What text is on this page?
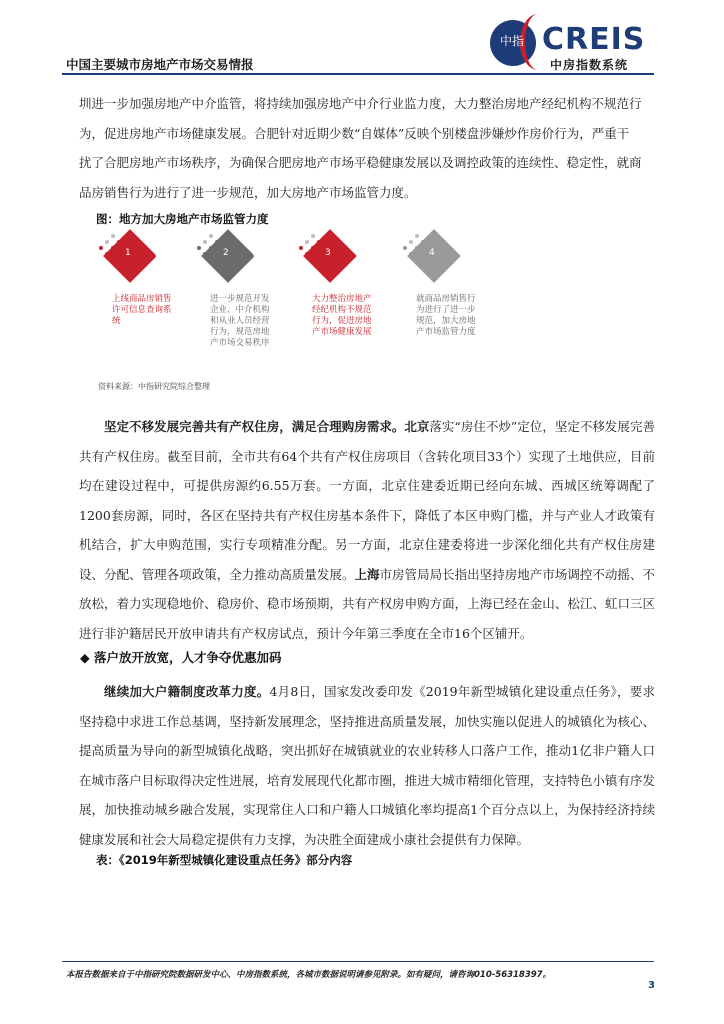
中国主要城市房地产市场交易情报
中指 CREIS
中房指数系统
圳进一步加强房地产中介监管，将持续加强房地产中介行业监力度，大力整治房地产经纪机构不规范行
为，促进房地产市场健康发展。合肥针对近期少数“自媒体”反映个别楼盘涉嫌炒作房价行为，严重干
扰了合肥房地产市场秩序，为确保合肥房地产市场平稳健康发展以及调控政策的连续性、稳定性，就商
品房销售行为进行了进一步规范，加大房地产市场监管力度。
图：地方加大房地产市场监管力度
1	海南
上线商品房销售许可信息查询系统
2	深圳
进一步规范开发企业、中介机构和从业人员经营行为，规范房地产市场交易秩序
3	杭州
大力整治房地产经纪机构不规范行为，促进房地产市场健康发展
4	合肥
就商品房销售行为进行了进一步规范，加大房地产市场监管力度
资料来源：中指研究院综合整理
坚定不移发展完善共有产权住房，满足合理购房需求。北京落实“房住不炒”定位，坚定不移发展完善共有产权住房。截至目前，全市共有64个共有产权住房项目（含转化项目33个）实现了土地供应，目前均在建设过程中，可提供房源约6.55万套。一方面，北京住建委近期已经向东城、西城区统筹调配了1200套房源，同时，各区在坚持共有产权住房基本条件下，降低了本区申购门槛，并与产业人才政策有机结合，扩大申购范围，实行专项精准分配。另一方面，北京住建委将进一步深化细化共有产权住房建设、分配、管理各项政策，全力推动高质量发展。上海市房管局局长指出坚持房地产市场调控不动摇、不放松，着力实现稳地价、稳房价、稳市场预期，共有产权房申购方面，上海已经在金山、松江、虹口三区进行非沪籍居民开放申请共有产权房试点，预计今年第三季度在全市16个区铺开。
◆ 落户放开放宽，人才争夺优惠加码
继续加大户籍制度改革力度。4月8日，国家发改委印发《2019年新型城镇化建设重点任务》，要求坚持稳中求进工作总基调，坚持新发展理念，坚持推进高质量发展，加快实施以促进人的城镇化为核心、提高质量为导向的新型城镇化战略，突出抓好在城镇就业的农业转移人口落户工作，推动1亿非户籍人口在城市落户目标取得决定性进展，培育发展现代化都市圈，推进大城市精细化管理，支持特色小镇有序发展，加快推动城乡融合发展，实现常住人口和户籍人口城镇化率均提高1个百分点以上，为保持经济持续健康发展和社会大局稳定提供有力支撑，为决胜全面建成小康社会提供有力保障。
表：《2019年新型城镇化建设重点任务》部分内容
本报告数据来自于中指研究院数据研发中心、中房指数系统，各城市数据说明请参见附录。如有疑问，请咨询010-56318397。
3
